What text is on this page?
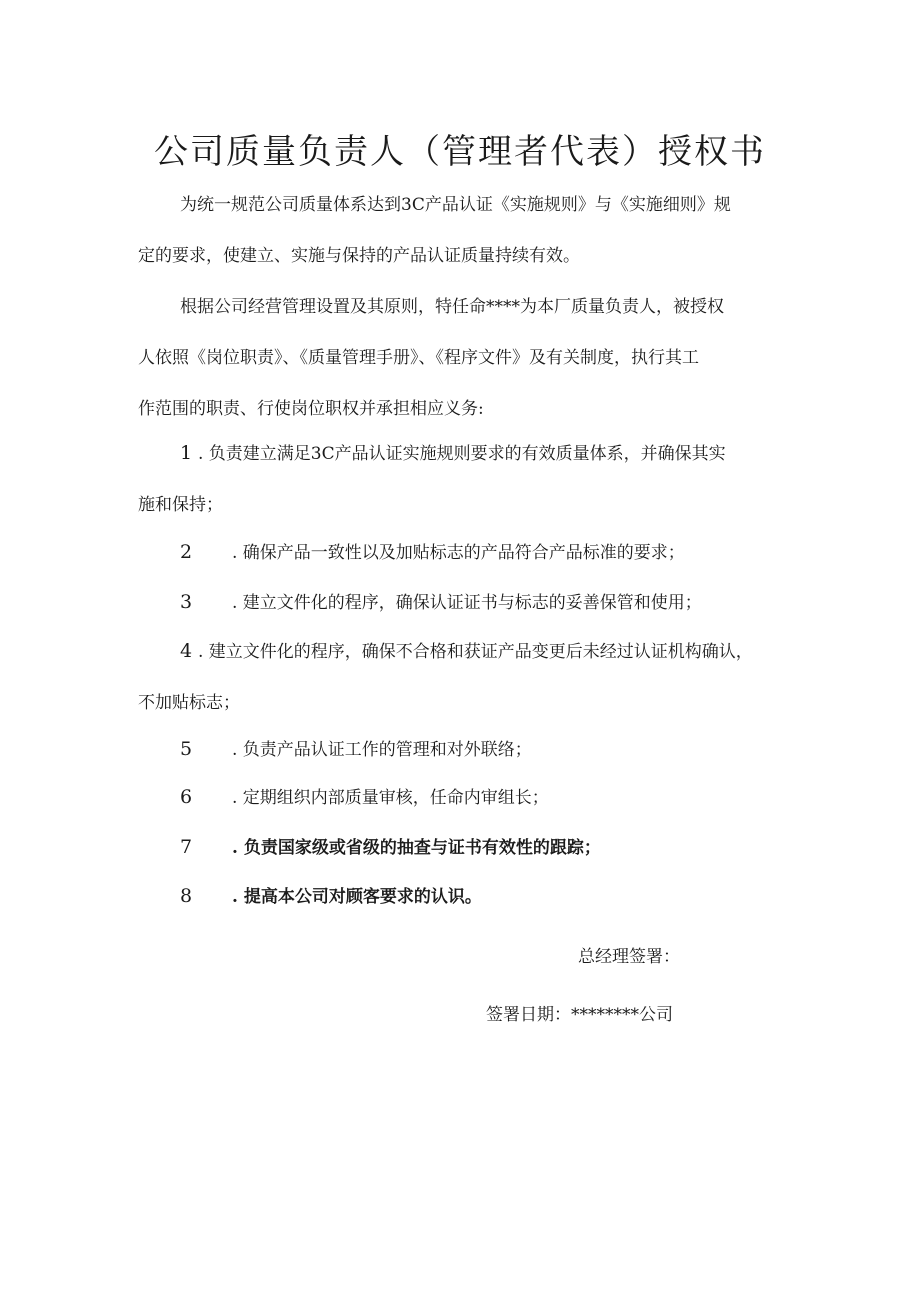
公司质量负责人（管理者代表）授权书
为统一规范公司质量体系达到3C产品认证《实施规则》与《实施细则》规
定的要求，使建立、实施与保持的产品认证质量持续有效。
根据公司经营管理设置及其原则，特任命****为本厂质量负责人，被授权
人依照《岗位职责》、《质量管理手册》、《程序文件》及有关制度，执行其工
作范围的职责、行使岗位职权并承担相应义务:
1 . 负责建立满足3C产品认证实施规则要求的有效质量体系，并确保其实
施和保持；
2 . 确保产品一致性以及加贴标志的产品符合产品标准的要求；
3 . 建立文件化的程序，确保认证证书与标志的妥善保管和使用；
4 . 建立文件化的程序，确保不合格和获证产品变更后未经过认证机构确认，
不加贴标志；
5 . 负责产品认证工作的管理和对外联络；
6 . 定期组织内部质量审核，任命内审组长；
7 . 负责国家级或省级的抽查与证书有效性的跟踪；
8 . 提高本公司对顾客要求的认识。
总经理签署：
签署日期：********公司
